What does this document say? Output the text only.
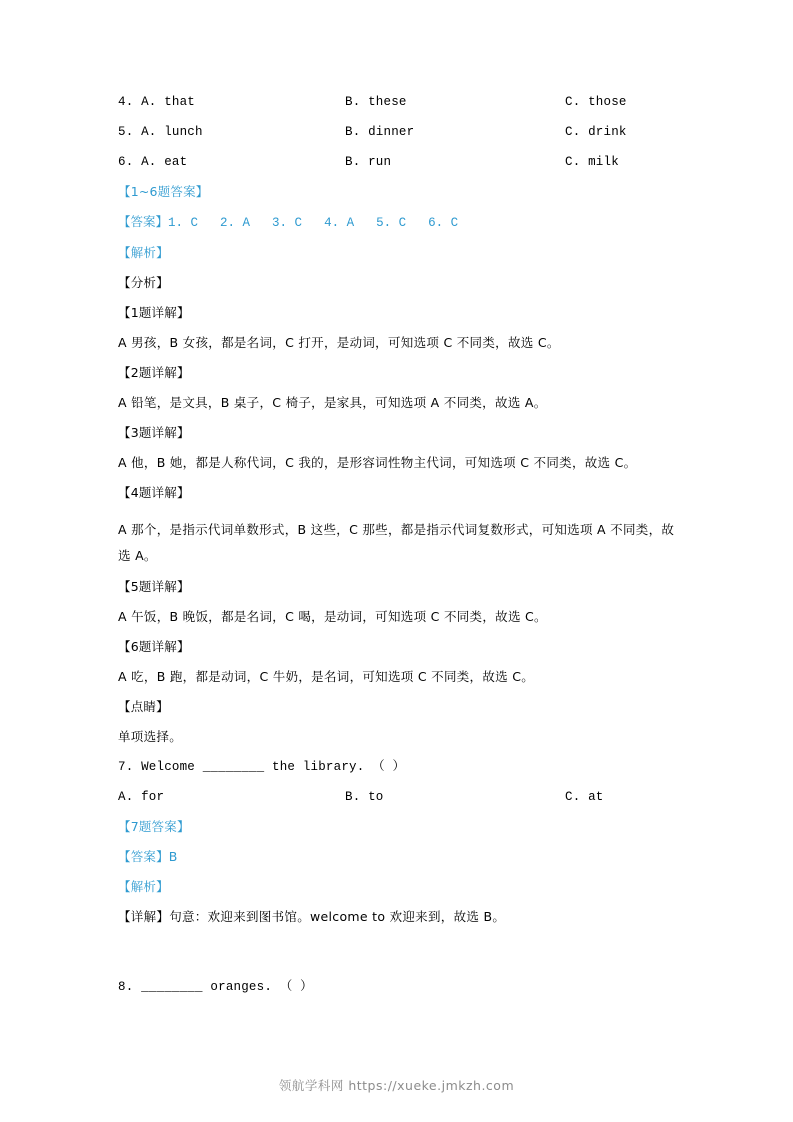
4. A. that	B. these	C. those
5. A. lunch	B. dinner	C. drink
6. A. eat	B. run	C. milk
【1~6题答案】
【答案】1. C 2. A 3. C 4. A 5. C 6. C
【解析】
【分析】
【1题详解】
A 男孩，B 女孩，都是名词，C 打开，是动词，可知选项 C 不同类，故选 C。
【2题详解】
A 铅笔，是文具，B 桌子，C 椅子，是家具，可知选项 A 不同类，故选 A。
【3题详解】
A 他，B 她，都是人称代词，C 我的，是形容词性物主代词，可知选项 C 不同类，故选 C。
【4题详解】
A 那个，是指示代词单数形式，B 这些，C 那些，都是指示代词复数形式，可知选项 A 不同类，故选 A。
【5题详解】
A 午饭，B 晚饭，都是名词，C 喝，是动词，可知选项 C 不同类，故选 C。
【6题详解】
A 吃，B 跑，都是动词，C 牛奶，是名词，可知选项 C 不同类，故选 C。
【点睛】
单项选择。
7. Welcome ________ the library. （ ）
A. for	B. to	C. at
【7题答案】
【答案】B
【解析】
【详解】句意：欢迎来到图书馆。welcome to 欢迎来到，故选 B。
8. ________ oranges. （ ）
领航学科网 https://xueke.jmkzh.com
